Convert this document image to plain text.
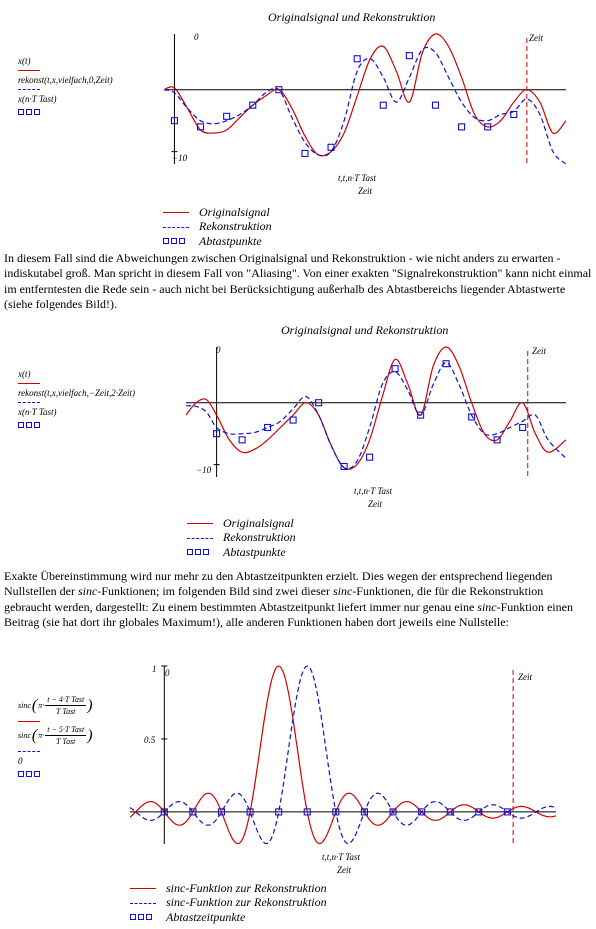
Originalsignal und Rekonstruktion
x(t)
rekonst(t,x,vielfach,0,Zeit)
x(n·T Tast)
0
−10
Zeit
t,t,n·T Tast
Zeit
Originalsignal
Rekonstruktion
Abtastpunkte
In diesem Fall sind die Abweichungen zwischen Originalsignal und Rekonstruktion - wie nicht anders zu erwarten - indiskutabel groß. Man spricht in diesem Fall von "Aliasing". Von einer exakten "Signalrekonstruktion" kann nicht einmal im entferntesten die Rede sein - auch nicht bei Berücksichtigung außerhalb des Abtastbereichs liegender Abtastwerte (siehe folgendes Bild!).
Originalsignal und Rekonstruktion
x(t)
rekonst(t,x,vielfach,−Zeit,2·Zeit)
x(n·T Tast)
0
−10
Zeit
t,t,n·T Tast
Zeit
Originalsignal
Rekonstruktion
Abtastpunkte
Exakte Übereinstimmung wird nur mehr zu den Abtastzeitpunkten erzielt. Dies wegen der entsprechend liegenden Nullstellen der sinc-Funktionen; im folgenden Bild sind zwei dieser sinc-Funktionen, die für die Rekonstruktion gebraucht werden, dargestellt: Zu einem bestimmten Abtastzeitpunkt liefert immer nur genau eine sinc-Funktion einen Beitrag (sie hat dort ihr globales Maximum!), alle anderen Funktionen haben dort jeweils eine Nullstelle:
sinc ( $\pi\cdot \frac{\text{t − 4·T Tast}}{\text{T Tast}}$ )
sinc ( $\pi\cdot \frac{\text{t − 5·T Tast}}{\text{T Tast}}$ )
0
1
0.5
0	Zeit
t,t,n·T Tast
Zeit
sinc-Funktion zur Rekonstruktion
sinc-Funktion zur Rekonstruktion
Abtastzeitpunkte
